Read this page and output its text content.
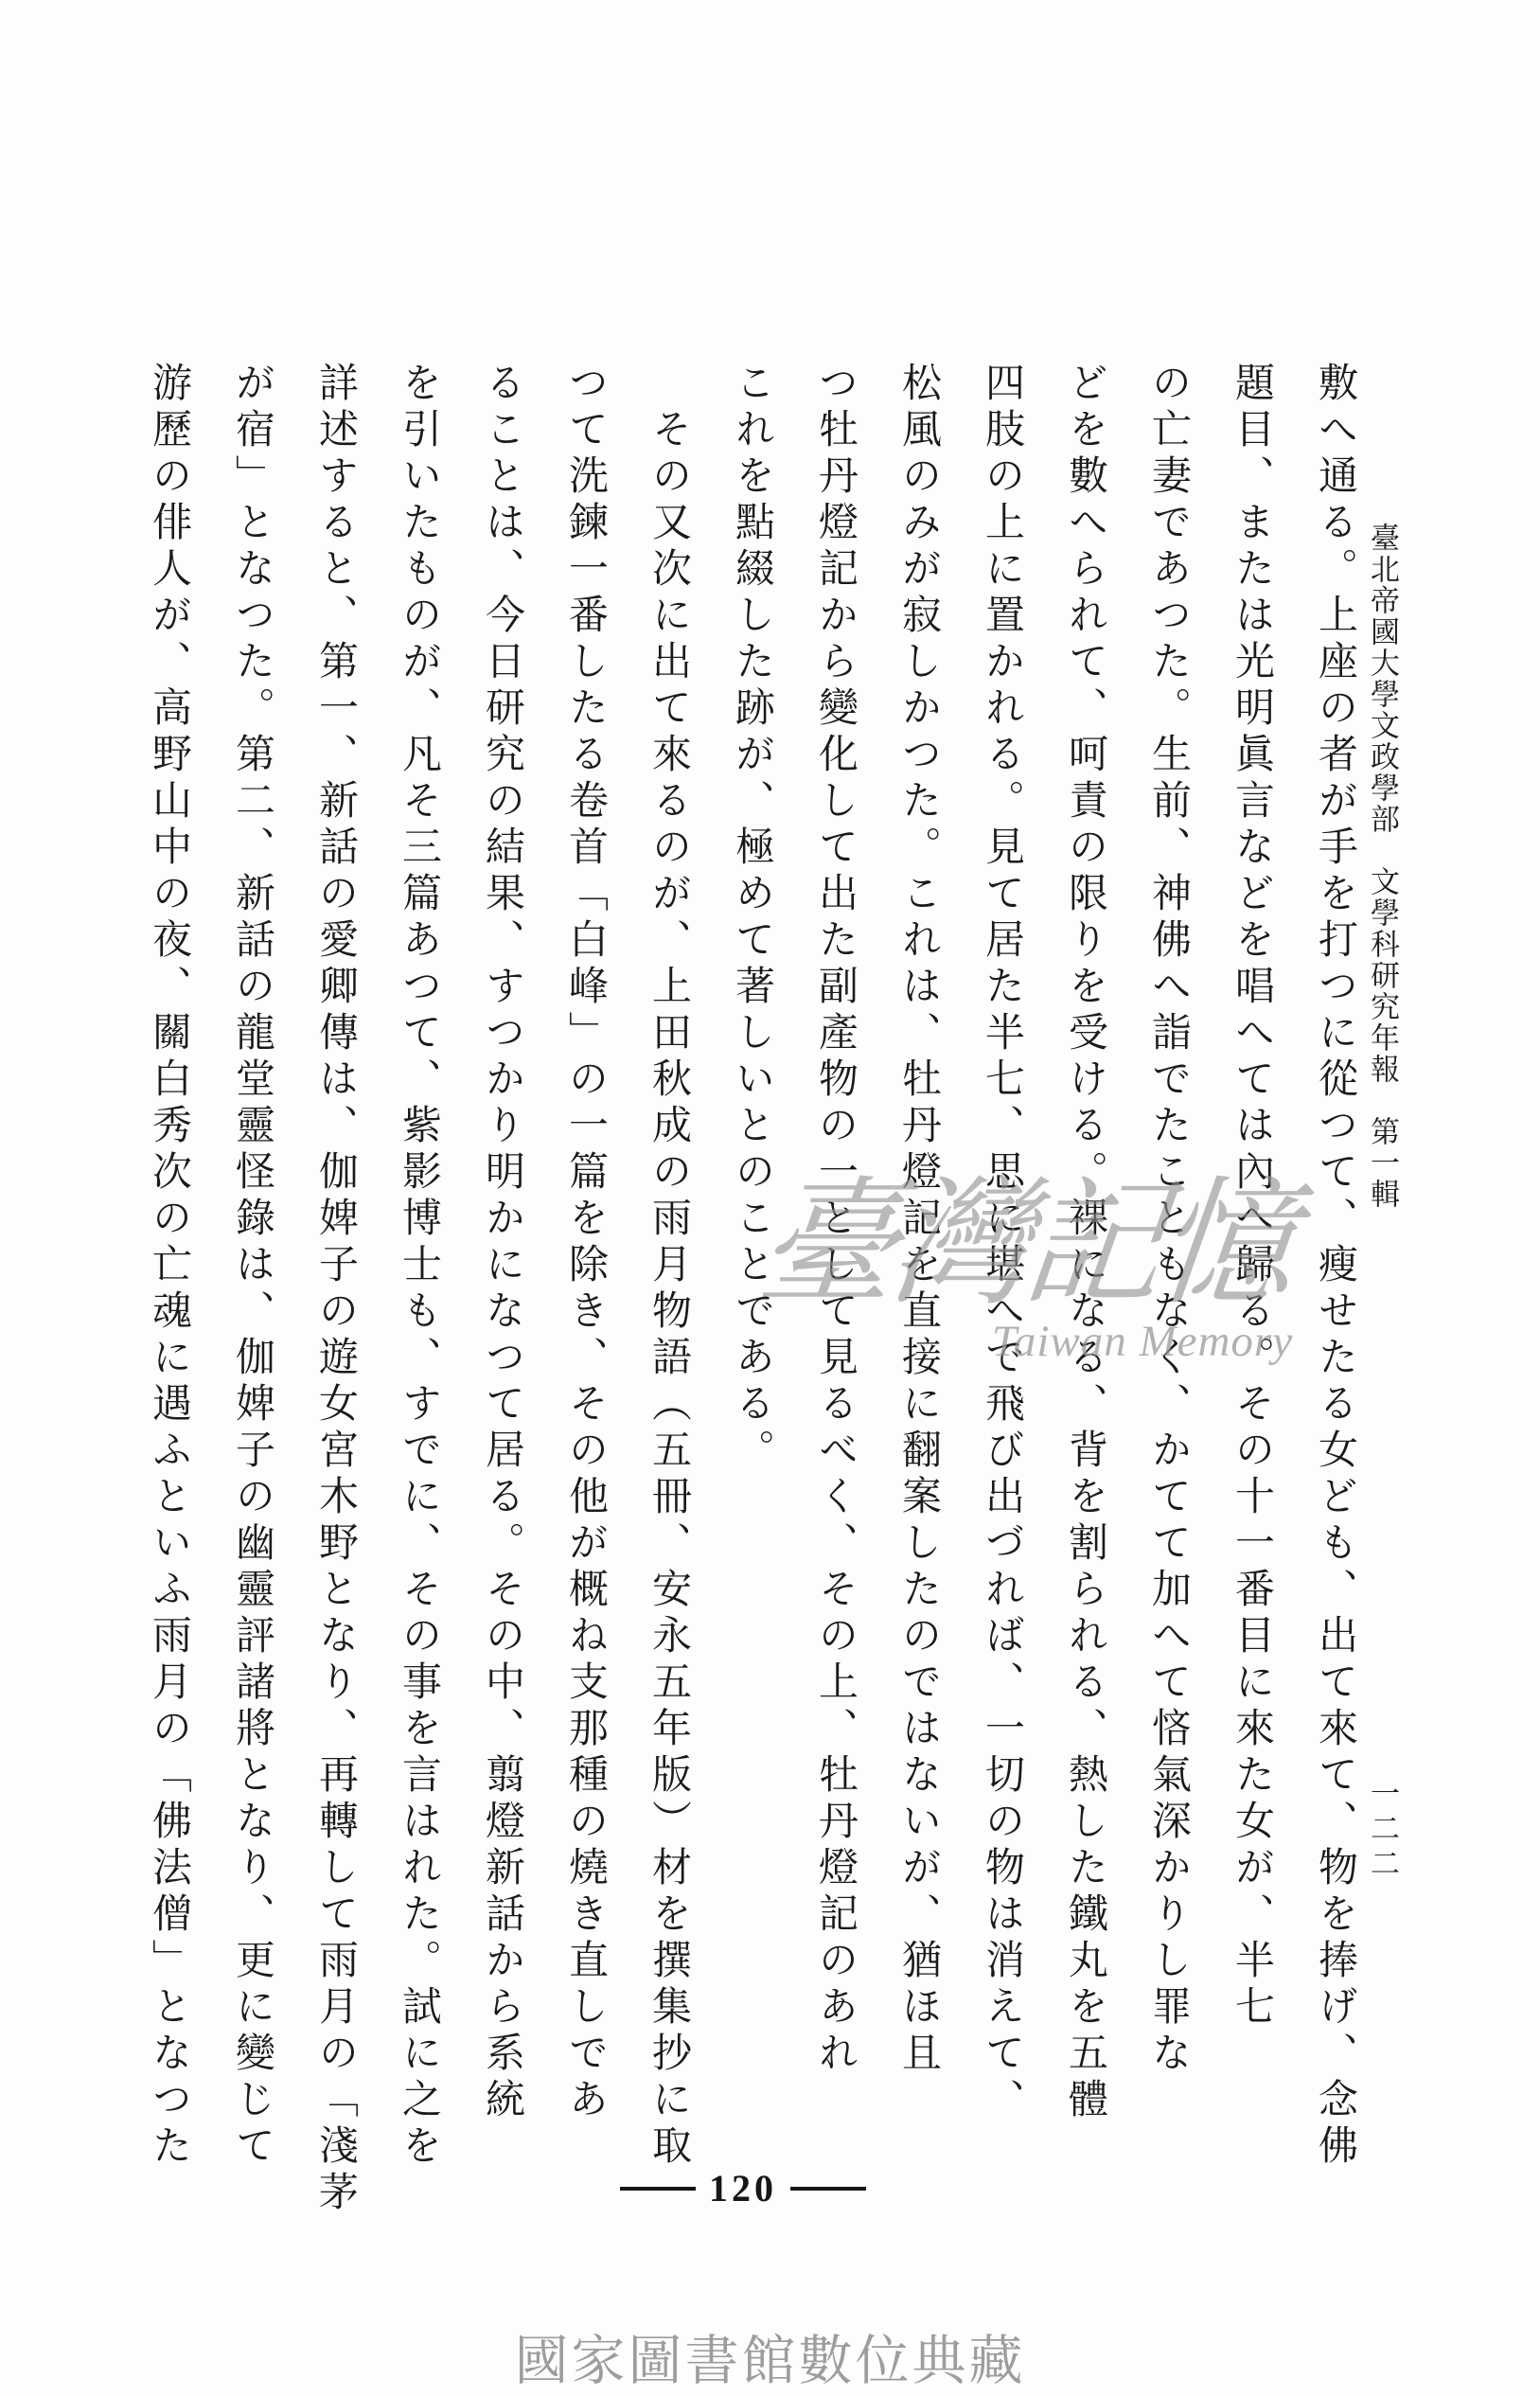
臺北帝國大學文政學部　文學科研究年報　第一輯
一二二
敷へ通る。上座の者が手を打つに從つて、瘦せたる女ども、出て來て、物を捧げ、念佛
題目、または光明眞言などを唱へては內へ歸る。その十一番目に來た女が、半七
の亡妻であつた。生前、神佛へ詣でたこともなく、かてて加へて悋氣深かりし罪な
どを數へられて、呵責の限りを受ける。裸になる、背を割られる、熱した鐵丸を五體
四肢の上に置かれる。見て居た半七、思に堪へで飛び出づれば、一切の物は消えて、
松風のみが寂しかつた。これは、牡丹燈記を直接に翻案したのではないが、猶ほ且
つ牡丹燈記から變化して出た副產物の一として見るべく、その上、牡丹燈記のあれ
これを點綴した跡が、極めて著しいとのことである。
　その又次に出て來るのが、上田秋成の雨月物語（五冊、安永五年版）材を撰集抄に取
つて洗鍊一番したる卷首「白峰」の一篇を除き、その他が概ね支那種の燒き直しであ
ることは、今日研究の結果、すつかり明かになつて居る。その中、翦燈新話から系統
を引いたものが、凡そ三篇あつて、紫影博士も、すでに、その事を言はれた。試に之を
詳述すると、第一、新話の愛卿傳は、伽婢子の遊女宮木野となり、再轉して雨月の「淺茅
が宿」となつた。第二、新話の龍堂靈怪錄は、伽婢子の幽靈評諸將となり、更に變じて
游歷の俳人が、高野山中の夜、關白秀次の亡魂に遇ふといふ雨月の「佛法僧」となつた	臺灣記憶
Taiwan Memory
120
國家圖書館數位典藏
